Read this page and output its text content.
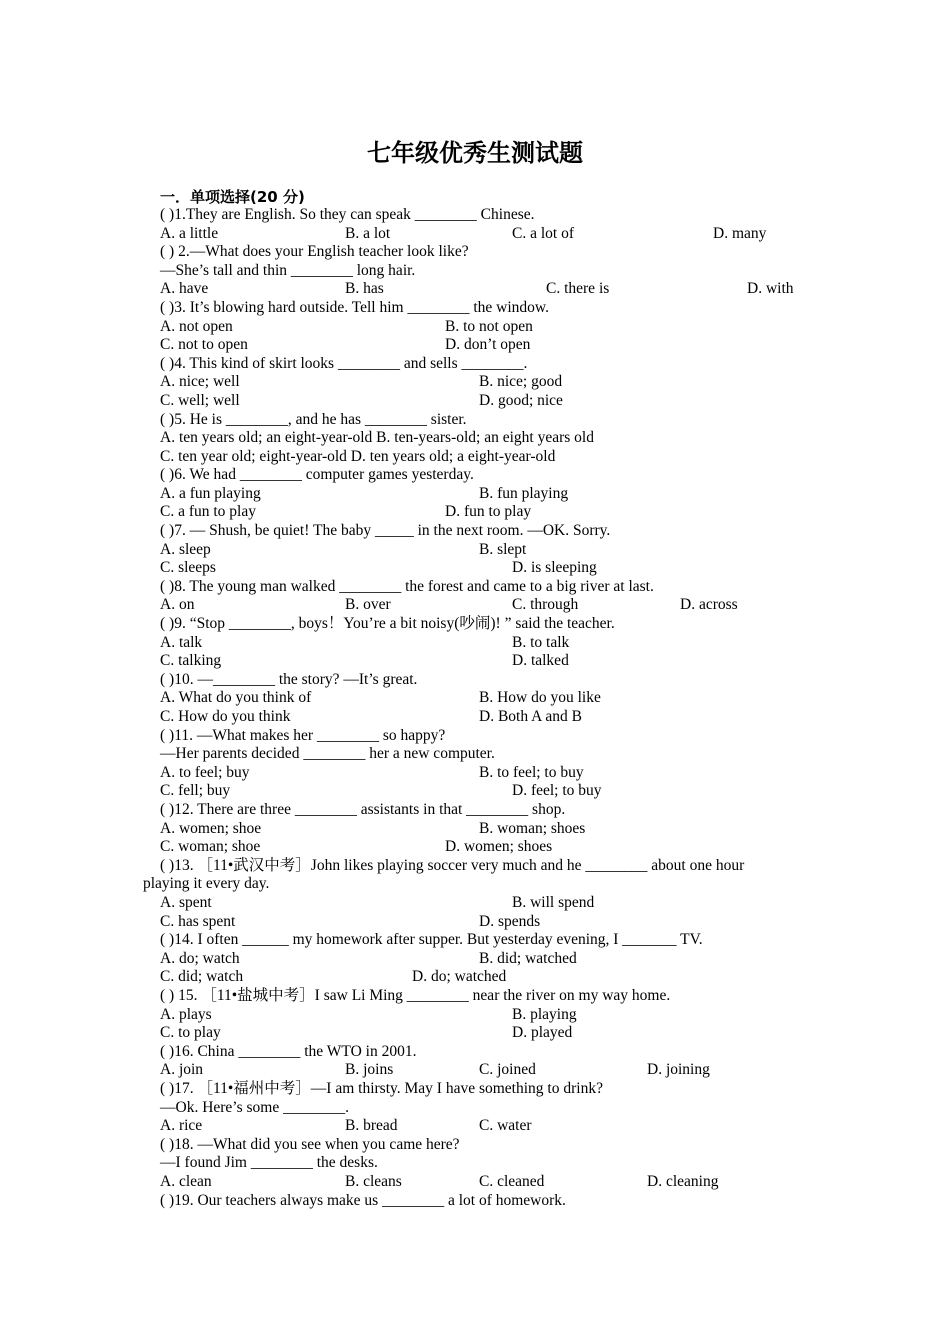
七年级优秀生测试题
一．单项选择(20 分)
( )1.They are English. So they can speak ________ Chinese.
A. a little	B. a lot	C. a lot of	D. many
( ) 2.—What does your English teacher look like?
—She’s tall and thin ________ long hair.
A. have	B. has	C. there is	D. with
( )3. It’s blowing hard outside. Tell him ________ the window.
A. not open	B. to not open
C. not to open	D. don’t open
( )4. This kind of skirt looks ________ and sells ________.
A. nice; well	B. nice; good
C. well; well	D. good; nice
( )5. He is ________, and he has ________ sister.
A. ten years old; an eight-year-old B. ten-years-old; an eight years old
C. ten year old; eight-year-old D. ten years old; a eight-year-old
( )6. We had ________ computer games yesterday.
A. a fun playing	B. fun playing
C. a fun to play	D. fun to play
( )7. — Shush, be quiet! The baby _____ in the next room. —OK. Sorry.
A. sleep	B. slept
C. sleeps	D. is sleeping
( )8. The young man walked ________ the forest and came to a big river at last.
A. on	B. over	C. through	D. across
( )9. “Stop ________, boys！You’re a bit noisy(吵闹)! ” said the teacher.
A. talk	B. to talk
C. talking	D. talked
( )10. —________ the story? —It’s great.
A. What do you think of	B. How do you like
C. How do you think	D. Both A and B
( )11. —What makes her ________ so happy?
—Her parents decided ________ her a new computer.
A. to feel; buy	B. to feel; to buy
C. fell; buy	D. feel; to buy
( )12. There are three ________ assistants in that ________ shop.
A. women; shoe	B. woman; shoes
C. woman; shoe	D. women; shoes
( )13. ［11•武汉中考］John likes playing soccer very much and he ________ about one hour
playing it every day.
A. spent	B. will spend
C. has spent	D. spends
( )14. I often ______ my homework after supper. But yesterday evening, I _______ TV.
A. do; watch	B. did; watched
C. did; watch	D. do; watched
( ) 15. ［11•盐城中考］I saw Li Ming ________ near the river on my way home.
A. plays	B. playing
C. to play	D. played
( )16. China ________ the WTO in 2001.
A. join	B. joins	C. joined	D. joining
( )17. ［11•福州中考］—I am thirsty. May I have something to drink?
—Ok. Here’s some ________.
A. rice	B. bread	C. water
( )18. —What did you see when you came here?
—I found Jim ________ the desks.
A. clean	B. cleans	C. cleaned	D. cleaning
( )19. Our teachers always make us ________ a lot of homework.
